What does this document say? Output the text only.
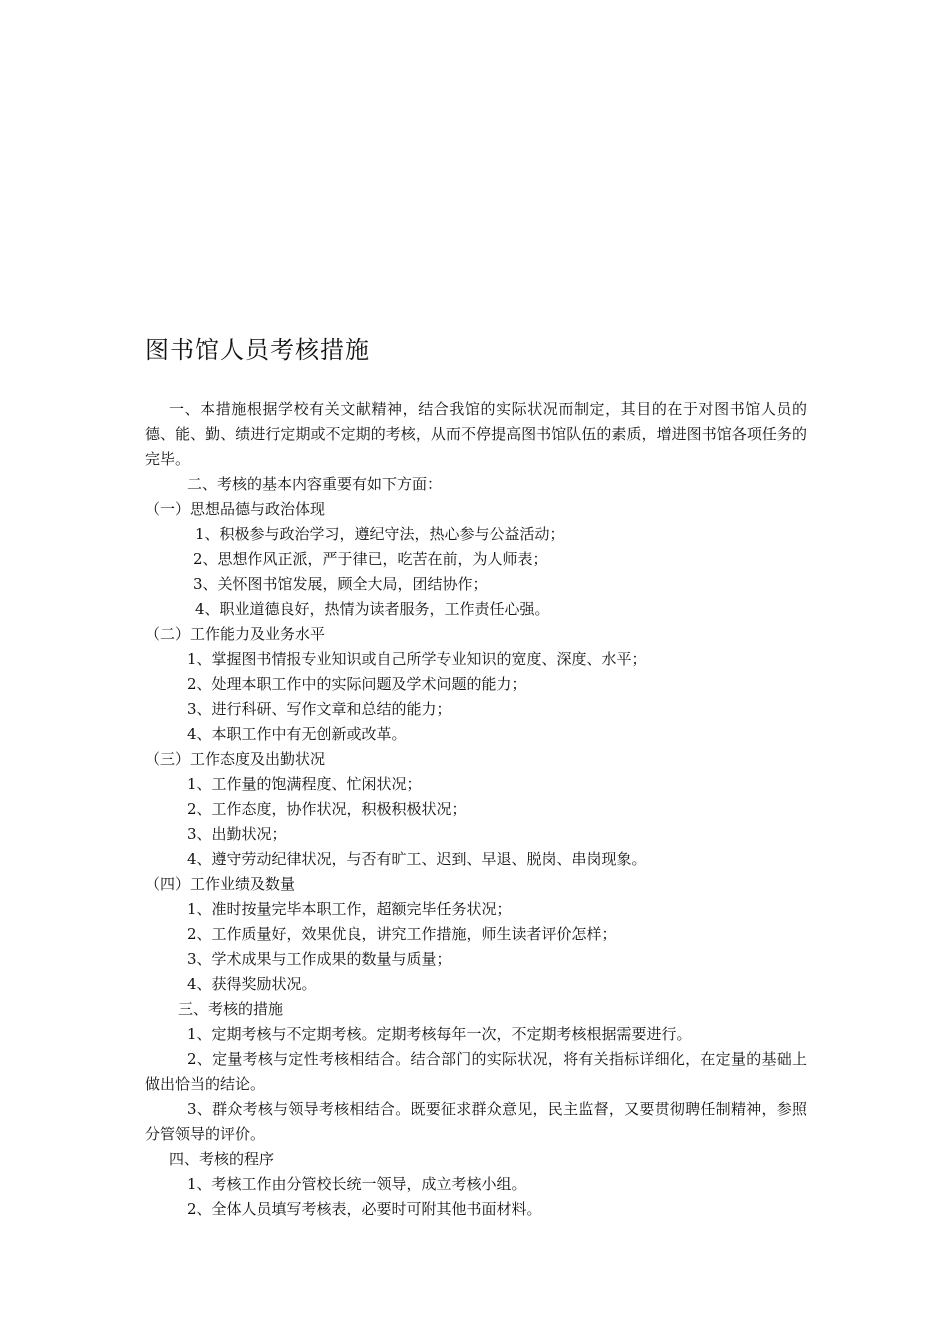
图书馆人员考核措施
一、本措施根据学校有关文献精神，结合我馆的实际状况而制定，其目的在于对图书馆人员的德、能、勤、绩进行定期或不定期的考核，从而不停提高图书馆队伍的素质，增进图书馆各项任务的完毕。
二、考核的基本内容重要有如下方面：
（一）思想品德与政治体现
1、积极参与政治学习，遵纪守法，热心参与公益活动；
2、思想作风正派，严于律已，吃苦在前，为人师表；
3、关怀图书馆发展，顾全大局，团结协作；
4、职业道德良好，热情为读者服务，工作责任心强。
（二）工作能力及业务水平
1、掌握图书情报专业知识或自己所学专业知识的宽度、深度、水平；
2、处理本职工作中的实际问题及学术问题的能力；
3、进行科研、写作文章和总结的能力；
4、本职工作中有无创新或改革。
（三）工作态度及出勤状况
1、工作量的饱满程度、忙闲状况；
2、工作态度，协作状况，积极积极状况；
3、出勤状况；
4、遵守劳动纪律状况，与否有旷工、迟到、早退、脱岗、串岗现象。
（四）工作业绩及数量
1、准时按量完毕本职工作，超额完毕任务状况；
2、工作质量好，效果优良，讲究工作措施，师生读者评价怎样；
3、学术成果与工作成果的数量与质量；
4、获得奖励状况。
三、考核的措施
1、定期考核与不定期考核。定期考核每年一次，不定期考核根据需要进行。
2、定量考核与定性考核相结合。结合部门的实际状况，将有关指标详细化，在定量的基础上做出恰当的结论。
3、群众考核与领导考核相结合。既要征求群众意见，民主监督，又要贯彻聘任制精神，参照分管领导的评价。
四、考核的程序
1、考核工作由分管校长统一领导，成立考核小组。
2、全体人员填写考核表，必要时可附其他书面材料。
